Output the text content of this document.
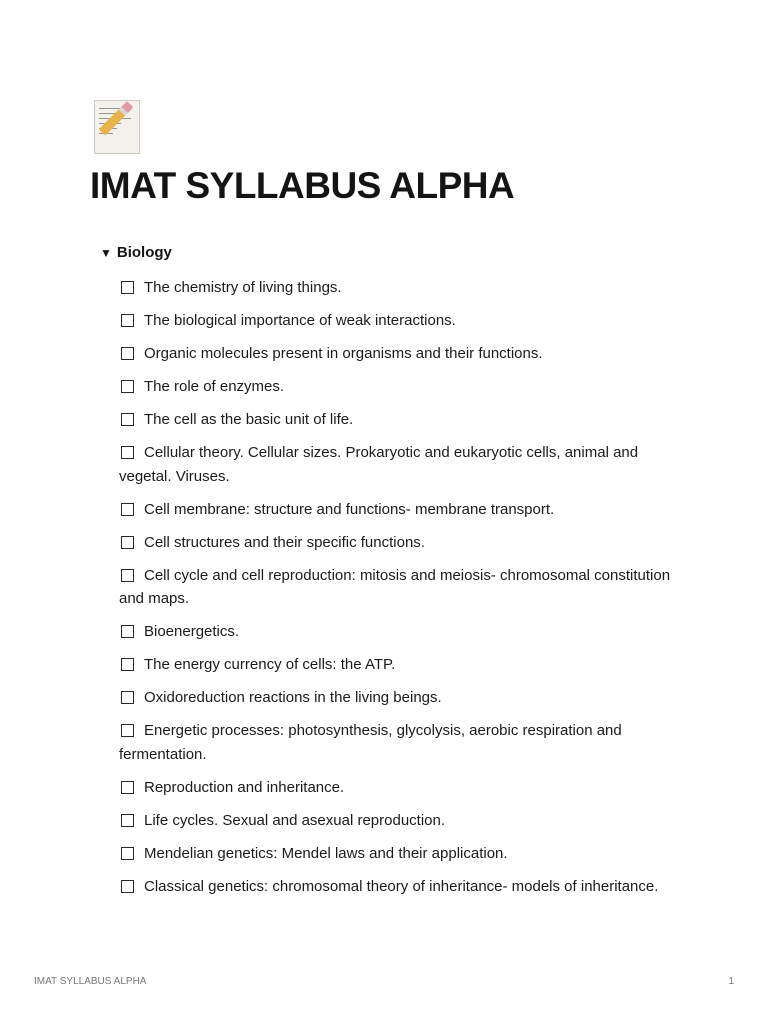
IMAT SYLLABUS ALPHA
▼ Biology
The chemistry of living things.
The biological importance of weak interactions.
Organic molecules present in organisms and their functions.
The role of enzymes.
The cell as the basic unit of life.
Cellular theory. Cellular sizes. Prokaryotic and eukaryotic cells, animal and vegetal. Viruses.
Cell membrane: structure and functions- membrane transport.
Cell structures and their specific functions.
Cell cycle and cell reproduction: mitosis and meiosis- chromosomal constitution and maps.
Bioenergetics.
The energy currency of cells: the ATP.
Oxidoreduction reactions in the living beings.
Energetic processes: photosynthesis, glycolysis, aerobic respiration and fermentation.
Reproduction and inheritance.
Life cycles. Sexual and asexual reproduction.
Mendelian genetics: Mendel laws and their application.
Classical genetics: chromosomal theory of inheritance- models of inheritance.
IMAT SYLLABUS ALPHA	1
